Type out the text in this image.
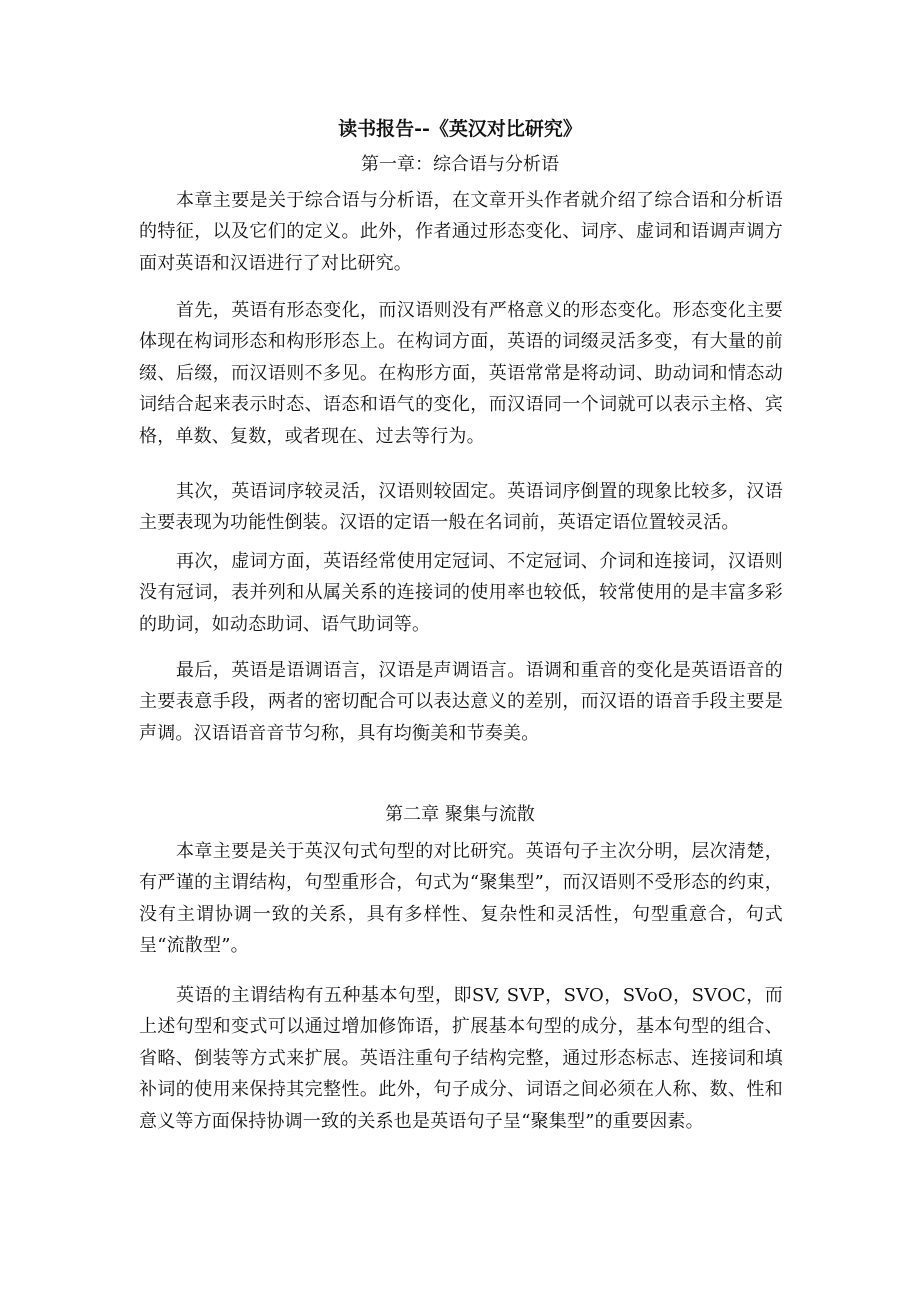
读书报告--《英汉对比研究》
第一章：综合语与分析语
本章主要是关于综合语与分析语，在文章开头作者就介绍了综合语和分析语的特征，以及它们的定义。此外，作者通过形态变化、词序、虚词和语调声调方面对英语和汉语进行了对比研究。
首先，英语有形态变化，而汉语则没有严格意义的形态变化。形态变化主要体现在构词形态和构形形态上。在构词方面，英语的词缀灵活多变，有大量的前缀、后缀，而汉语则不多见。在构形方面，英语常常是将动词、助动词和情态动词结合起来表示时态、语态和语气的变化，而汉语同一个词就可以表示主格、宾格，单数、复数，或者现在、过去等行为。
其次，英语词序较灵活，汉语则较固定。英语词序倒置的现象比较多，汉语主要表现为功能性倒装。汉语的定语一般在名词前，英语定语位置较灵活。
再次，虚词方面，英语经常使用定冠词、不定冠词、介词和连接词，汉语则没有冠词，表并列和从属关系的连接词的使用率也较低，较常使用的是丰富多彩的助词，如动态助词、语气助词等。
最后，英语是语调语言，汉语是声调语言。语调和重音的变化是英语语音的主要表意手段，两者的密切配合可以表达意义的差别，而汉语的语音手段主要是声调。汉语语音音节匀称，具有均衡美和节奏美。
第二章 聚集与流散
本章主要是关于英汉句式句型的对比研究。英语句子主次分明，层次清楚，有严谨的主谓结构，句型重形合，句式为“聚集型”，而汉语则不受形态的约束，没有主谓协调一致的关系，具有多样性、复杂性和灵活性，句型重意合，句式呈“流散型”。
英语的主谓结构有五种基本句型，即SV, SVP，SVO，SVoO，SVOC，而上述句型和变式可以通过增加修饰语，扩展基本句型的成分，基本句型的组合、省略、倒装等方式来扩展。英语注重句子结构完整，通过形态标志、连接词和填补词的使用来保持其完整性。此外，句子成分、词语之间必须在人称、数、性和意义等方面保持协调一致的关系也是英语句子呈“聚集型”的重要因素。
